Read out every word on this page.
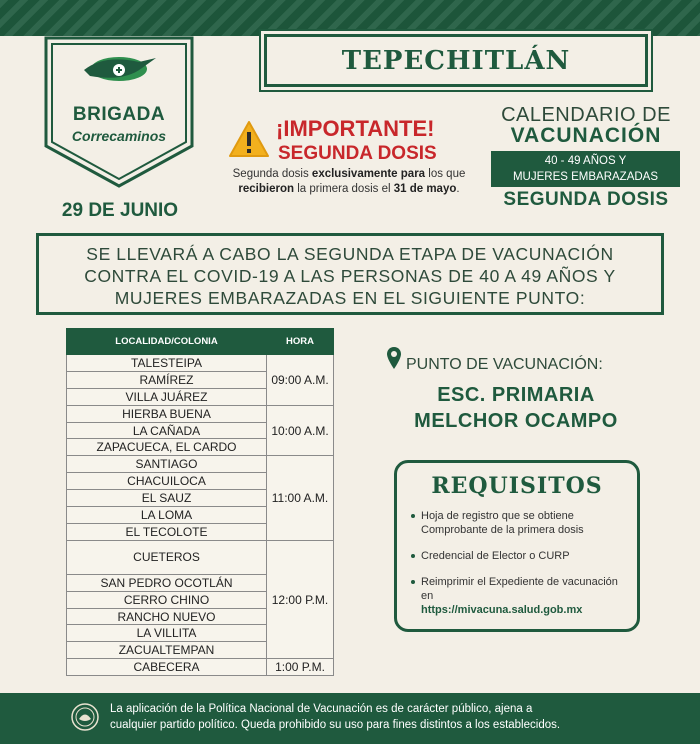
BRIGADA
Correcaminos
29 DE JUNIO
TEPECHITLÁN
¡IMPORTANTE!
SEGUNDA DOSIS
Segunda dosis exclusivamente para los que
recibieron la primera dosis el 31 de mayo.
CALENDARIO DE
VACUNACIÓN
40 - 49 AÑOS Y
MUJERES EMBARAZADAS
SEGUNDA DOSIS
SE LLEVARÁ A CABO LA SEGUNDA ETAPA DE VACUNACIÓN
CONTRA EL COVID-19 A LAS PERSONAS DE 40 A 49 AÑOS Y
MUJERES EMBARAZADAS EN EL SIGUIENTE PUNTO:
LOCALIDAD/COLONIA	HORA
TALESTEIPA	09:00 A.M.
RAMÍREZ	
VILLA JUÁREZ	
HIERBA BUENA	10:00 A.M.
LA CAÑADA	
ZAPACUECA, EL CARDO	
SANTIAGO	11:00 A.M.
CHACUILOCA	
EL SAUZ	
LA LOMA	
EL TECOLOTE	
CUETEROS	12:00 P.M.
SAN PEDRO OCOTLÁN	
CERRO CHINO	
RANCHO NUEVO	
LA VILLITA	
ZACUALTEMPAN	
CABECERA	1:00 P.M.
PUNTO DE VACUNACIÓN:
ESC. PRIMARIA
MELCHOR OCAMPO
REQUISITOS
Hoja de registro que se obtiene Comprobante de la primera dosis
Credencial de Elector o CURP
Reimprimir el Expediente de vacunación en
https://mivacuna.salud.gob.mx
La aplicación de la Política Nacional de Vacunación es de carácter público, ajena a
cualquier partido político. Queda prohibido su uso para fines distintos a los establecidos.
